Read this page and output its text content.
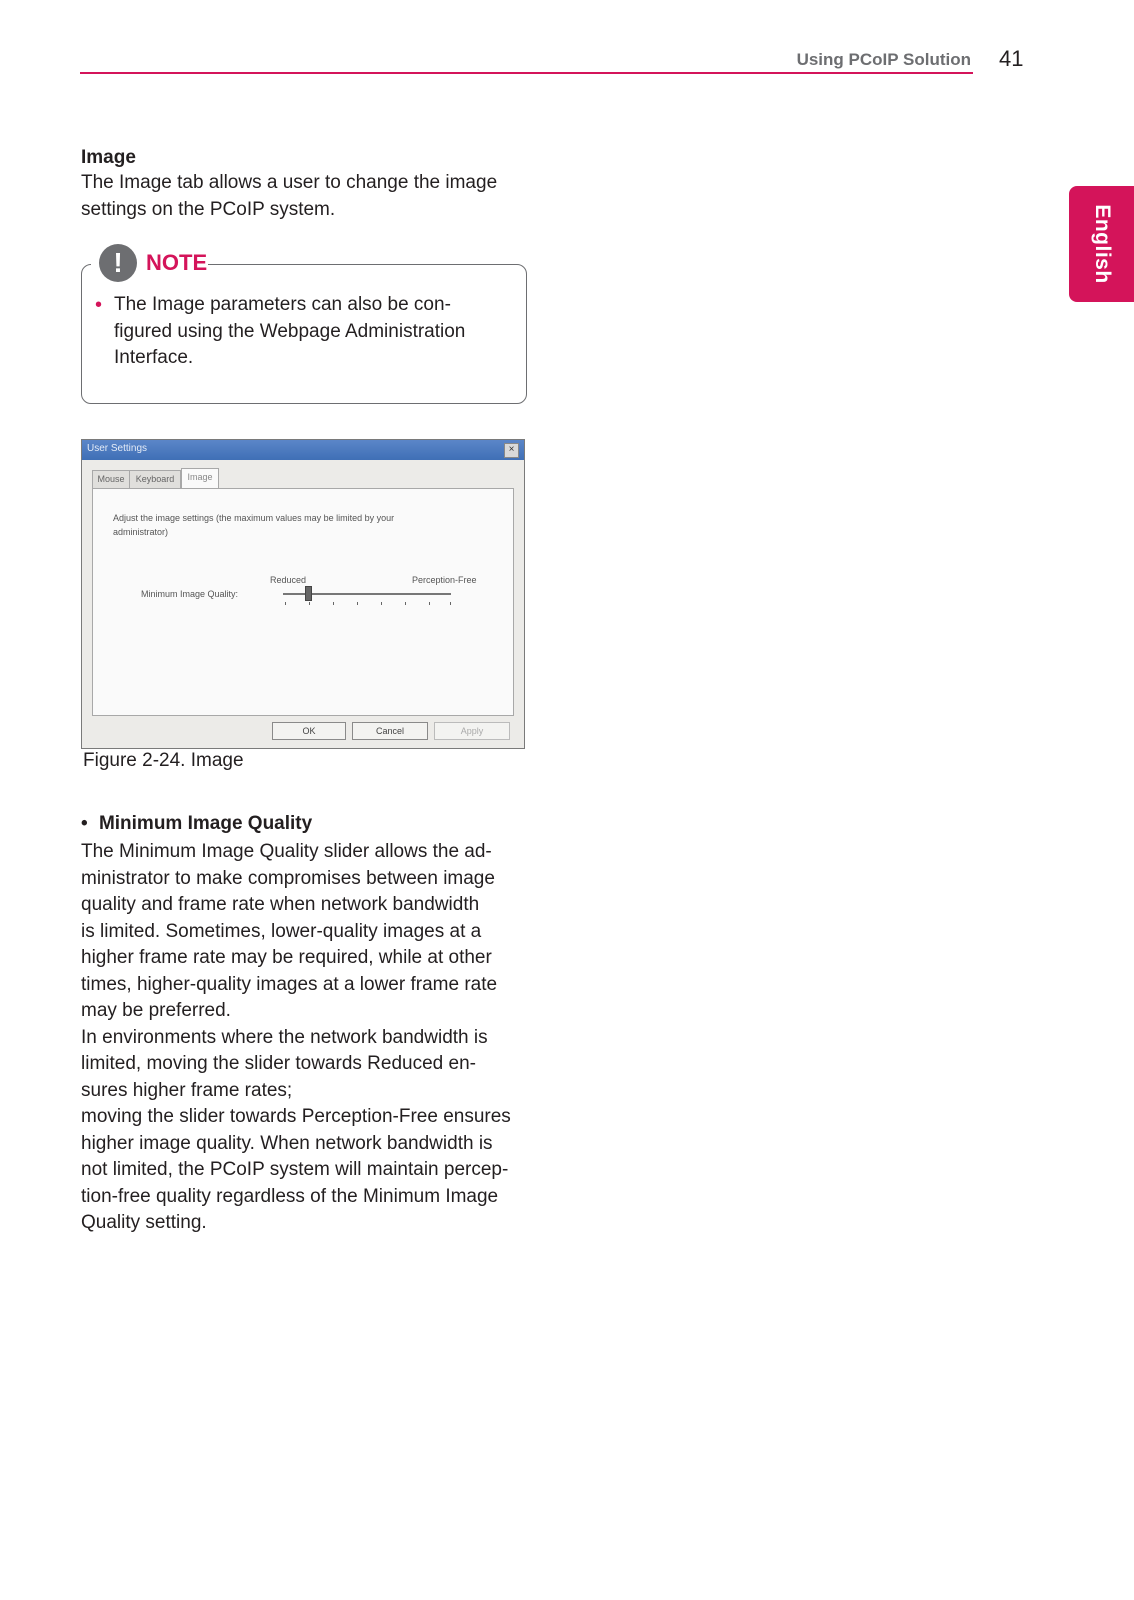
Using PCoIP Solution 41
English
Image
The Image tab allows a user to change the image
settings on the PCoIP system.
!	NOTE
• The Image parameters can also be con-
figured using the Webpage Administration
Interface.
User Settings	×
Mouse	Keyboard	Image
Adjust the image settings (the maximum values may be limited by your
administrator)
Minimum Image Quality:
Reduced	Perception-Free
OK	Cancel	Apply
Figure 2-24. Image
• Minimum Image Quality
The Minimum Image Quality slider allows the ad-
ministrator to make compromises between image
quality and frame rate when network bandwidth
is limited. Sometimes, lower-quality images at a
higher frame rate may be required, while at other
times, higher-quality images at a lower frame rate
may be preferred.
In environments where the network bandwidth is
limited, moving the slider towards Reduced en-
sures higher frame rates;
moving the slider towards Perception-Free ensures
higher image quality. When network bandwidth is
not limited, the PCoIP system will maintain percep-
tion-free quality regardless of the Minimum Image
Quality setting.
